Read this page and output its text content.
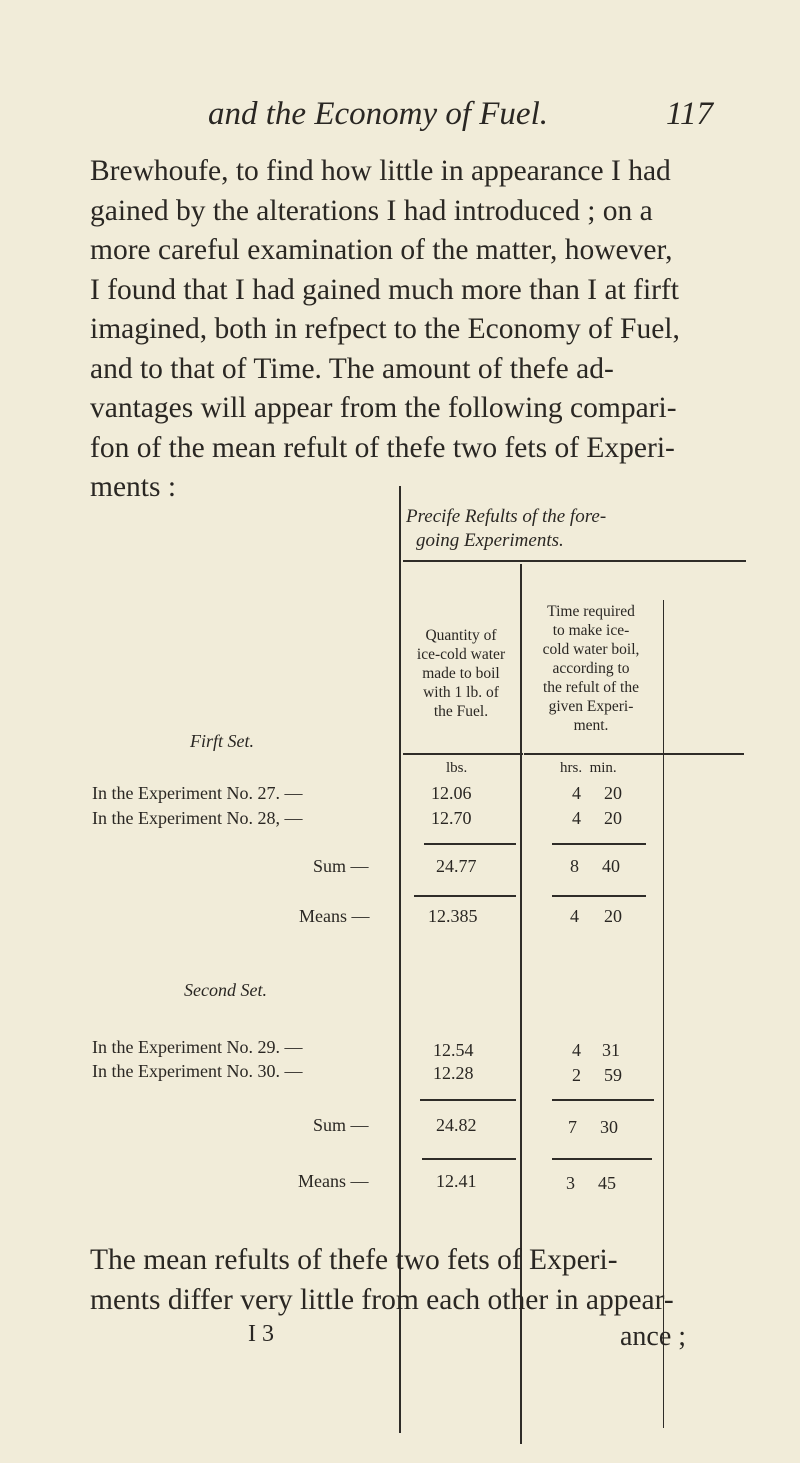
and the Economy of Fuel.	117
Brewhoufe, to find how little in appearance I had
gained by the alterations I had introduced ; on a
more careful examination of the matter, however,
I found that I had gained much more than I at firft
imagined, both in refpect to the Economy of Fuel,
and to that of Time. The amount of thefe ad-
vantages will appear from the following compari-
fon of the mean refult of thefe two fets of Experi-
ments :
Precife Refults of the fore-
going Experiments.
Quantity of
ice-cold water
made to boil
with 1 lb. of
the Fuel.
Time required
to make ice-
cold water boil,
according to
the refult of the
given Experi-
ment.
Firft Set.
lbs.	hrs.  min.
In the Experiment No. 27. —	12.06	4 20
In the Experiment No. 28, —	12.70	4 20
Sum —	24.77	8 40
Means —	12.385	4 20
Second Set.
In the Experiment No. 29. —	12.54	4 31
In the Experiment No. 30. —	12.28	2 59
Sum —	24.82	7 30
Means —	12.41	3 45
The mean refults of thefe two fets of Experi-
ments differ very little from each other in appear-
I 3	ance ;
